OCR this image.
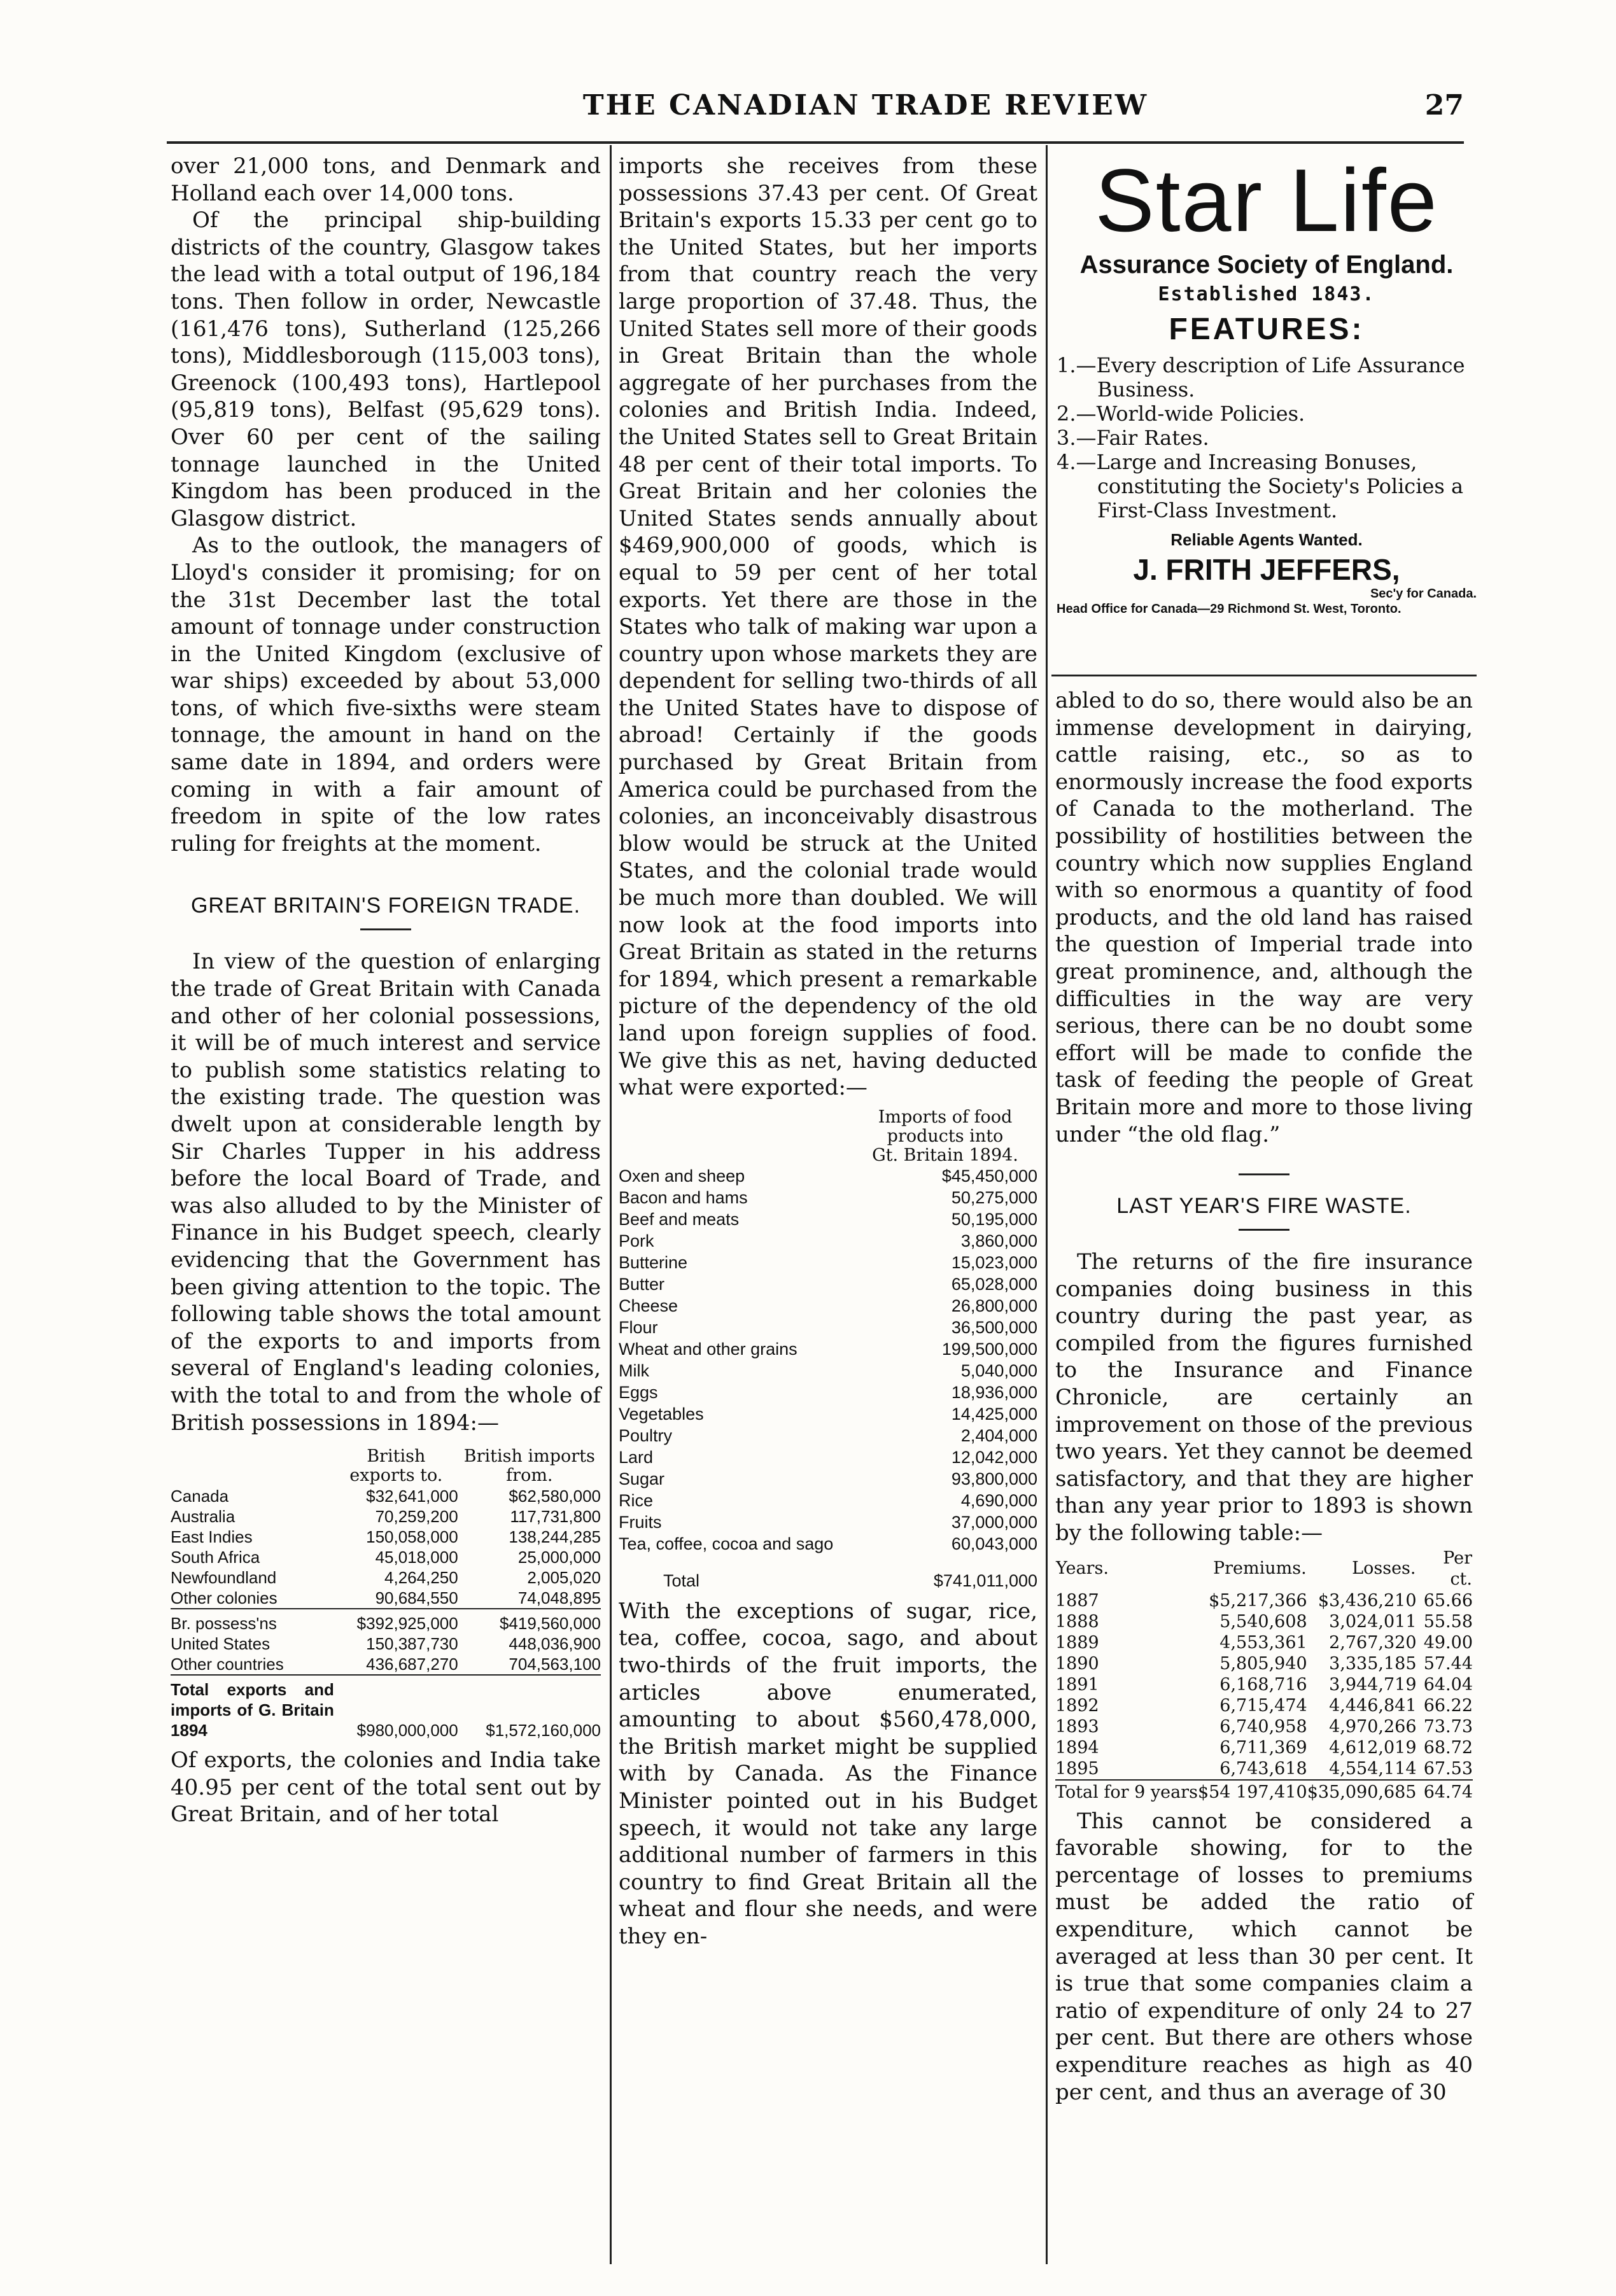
THE CANADIAN TRADE REVIEW	27

over 21,000 tons, and Denmark and Holland each over 14,000 tons.

Of the principal ship-building districts of the country, Glasgow takes the lead with a total output of 196,184 tons. Then follow in order, Newcastle (161,476 tons), Sutherland (125,266 tons), Middlesborough (115,003 tons), Greenock (100,493 tons), Hartlepool (95,819 tons), Belfast (95,629 tons). Over 60 per cent of the sailing tonnage launched in the United Kingdom has been produced in the Glasgow district.

As to the outlook, the managers of Lloyd's consider it promising; for on the 31st December last the total amount of tonnage under construction in the United Kingdom (exclusive of war ships) exceeded by about 53,000 tons, of which five-sixths were steam tonnage, the amount in hand on the same date in 1894, and orders were coming in with a fair amount of freedom in spite of the low rates ruling for freights at the moment.

GREAT BRITAIN'S FOREIGN TRADE.

In view of the question of enlarging the trade of Great Britain with Canada and other of her colonial possessions, it will be of much interest and service to publish some statistics relating to the existing trade. The question was dwelt upon at considerable length by Sir Charles Tupper in his address before the local Board of Trade, and was also alluded to by the Minister of Finance in his Budget speech, clearly evidencing that the Government has been giving attention to the topic. The following table shows the total amount of the exports to and imports from several of England's leading colonies, with the total to and from the whole of British possessions in 1894:—

	British exports to.	British imports from.
Canada	$32,641,000	$62,580,000
Australia	70,259,200	117,731,800
East Indies	150,058,000	138,244,285
South Africa	45,018,000	25,000,000
Newfoundland	4,264,250	2,005,020
Other colonies	90,684,550	74,048,895

Br. possess'ns	$392,925,000	$419,560,000
United States	150,387,730	448,036,900
Other countries	436,687,270	704,563,100

Total exports and imports of G. Britain 1894	$980,000,000	$1,572,160,000

Of exports, the colonies and India take 40.95 per cent of the total sent out by Great Britain, and of her total

imports she receives from these possessions 37.43 per cent. Of Great Britain's exports 15.33 per cent go to the United States, but her imports from that country reach the very large proportion of 37.48. Thus, the United States sell more of their goods in Great Britain than the whole aggregate of her purchases from the colonies and British India. Indeed, the United States sell to Great Britain 48 per cent of their total imports. To Great Britain and her colonies the United States sends annually about $469,900,000 of goods, which is equal to 59 per cent of her total exports. Yet there are those in the States who talk of making war upon a country upon whose markets they are dependent for selling two-thirds of all the United States have to dispose of abroad! Certainly if the goods purchased by Great Britain from America could be purchased from the colonies, an inconceivably disastrous blow would be struck at the United States, and the colonial trade would be much more than doubled. We will now look at the food imports into Great Britain as stated in the returns for 1894, which present a remarkable picture of the dependency of the old land upon foreign supplies of food. We give this as net, having deducted what were exported:—

Imports of food products into Gt. Britain 1894.
Oxen and sheep	$45,450,000
Bacon and hams	50,275,000
Beef and meats	50,195,000
Pork	3,860,000
Butterine	15,023,000
Butter	65,028,000
Cheese	26,800,000
Flour	36,500,000
Wheat and other grains	199,500,000
Milk	5,040,000
Eggs	18,936,000
Vegetables	14,425,000
Poultry	2,404,000
Lard	12,042,000
Sugar	93,800,000
Rice	4,690,000
Fruits	37,000,000
Tea, coffee, cocoa and sago	60,043,000
Total	$741,011,000

With the exceptions of sugar, rice, tea, coffee, cocoa, sago, and about two-thirds of the fruit imports, the articles above enumerated, amounting to about $560,478,000, the British market might be supplied with by Canada. As the Finance Minister pointed out in his Budget speech, it would not take any large additional number of farmers in this country to find Great Britain all the wheat and flour she needs, and were they en-

Star Life
Assurance Society of England.
Established 1843.
FEATURES:
1.—Every description of Life Assurance Business.
2.—World-wide Policies.
3.—Fair Rates.
4.—Large and Increasing Bonuses, constituting the Society's Policies a First-Class Investment.
Reliable Agents Wanted.
J. FRITH JEFFERS,
Sec'y for Canada.
Head Office for Canada—29 Richmond St. West, Toronto.

abled to do so, there would also be an immense development in dairying, cattle raising, etc., so as to enormously increase the food exports of Canada to the motherland. The possibility of hostilities between the country which now supplies England with so enormous a quantity of food products, and the old land has raised the question of Imperial trade into great prominence, and, although the difficulties in the way are very serious, there can be no doubt some effort will be made to confide the task of feeding the people of Great Britain more and more to those living under “the old flag.”

LAST YEAR'S FIRE WASTE.

The returns of the fire insurance companies doing business in this country during the past year, as compiled from the figures furnished to the Insurance and Finance Chronicle, are certainly an improvement on those of the previous two years. Yet they cannot be deemed satisfactory, and that they are higher than any year prior to 1893 is shown by the following table:—

Years.	Premiums.	Losses.	Per ct.
1887	$5,217,366	$3,436,210	65.66
1888	5,540,608	3,024,011	55.58
1889	4,553,361	2,767,320	49.00
1890	5,805,940	3,335,185	57.44
1891	6,168,716	3,944,719	64.04
1892	6,715,474	4,446,841	66.22
1893	6,740,958	4,970,266	73.73
1894	6,711,369	4,612,019	68.72
1895	6,743,618	4,554,114	67.53

Total for 9 years	$54 197,410	$35,090,685	64.74

This cannot be considered a favorable showing, for to the percentage of losses to premiums must be added the ratio of expenditure, which cannot be averaged at less than 30 per cent. It is true that some companies claim a ratio of expenditure of only 24 to 27 per cent. But there are others whose expenditure reaches as high as 40 per cent, and thus an average of 30
